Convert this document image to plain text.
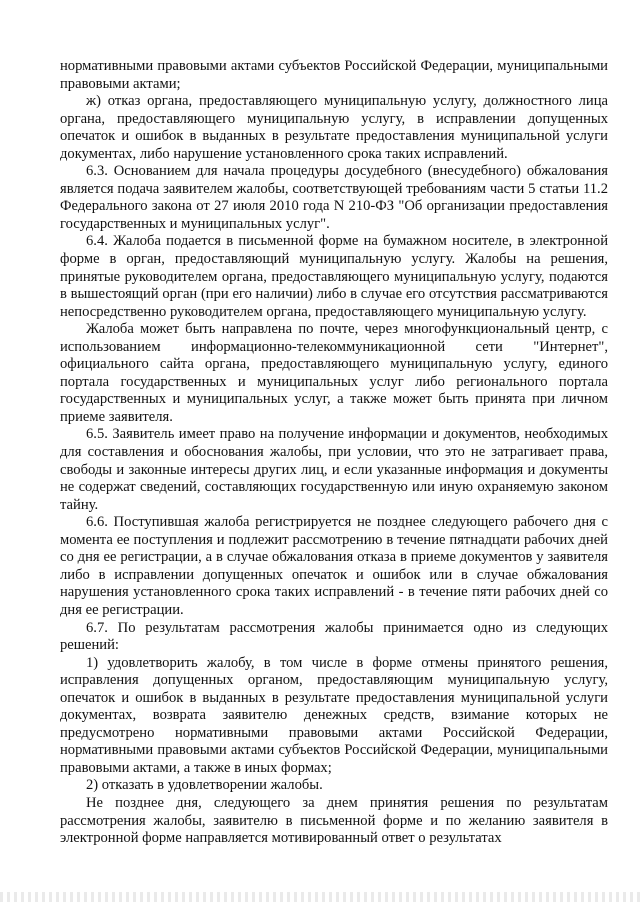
нормативными правовыми актами субъектов Российской Федерации, муниципальными правовыми актами;

ж) отказ органа, предоставляющего муниципальную услугу, должностного лица органа, предоставляющего муниципальную услугу, в исправлении допущенных опечаток и ошибок в выданных в результате предоставления муниципальной услуги документах, либо нарушение установленного срока таких исправлений.

6.3. Основанием для начала процедуры досудебного (внесудебного) обжалования является подача заявителем жалобы, соответствующей требованиям части 5 статьи 11.2 Федерального закона от 27 июля 2010 года N 210-ФЗ "Об организации предоставления государственных и муниципальных услуг".

6.4. Жалоба подается в письменной форме на бумажном носителе, в электронной форме в орган, предоставляющий муниципальную услугу. Жалобы на решения, принятые руководителем органа, предоставляющего муниципальную услугу, подаются в вышестоящий орган (при его наличии) либо в случае его отсутствия рассматриваются непосредственно руководителем органа, предоставляющего муниципальную услугу.

Жалоба может быть направлена по почте, через многофункциональный центр, с использованием информационно-телекоммуникационной сети "Интернет", официального сайта органа, предоставляющего муниципальную услугу, единого портала государственных и муниципальных услуг либо регионального портала государственных и муниципальных услуг, а также может быть принята при личном приеме заявителя.

6.5. Заявитель имеет право на получение информации и документов, необходимых для составления и обоснования жалобы, при условии, что это не затрагивает права, свободы и законные интересы других лиц, и если указанные информация и документы не содержат сведений, составляющих государственную или иную охраняемую законом тайну.

6.6. Поступившая жалоба регистрируется не позднее следующего рабочего дня с момента ее поступления и подлежит рассмотрению в течение пятнадцати рабочих дней со дня ее регистрации, а в случае обжалования отказа в приеме документов у заявителя либо в исправлении допущенных опечаток и ошибок или в случае обжалования нарушения установленного срока таких исправлений - в течение пяти рабочих дней со дня ее регистрации.

6.7. По результатам рассмотрения жалобы принимается одно из следующих решений:

1) удовлетворить жалобу, в том числе в форме отмены принятого решения, исправления допущенных органом, предоставляющим муниципальную услугу, опечаток и ошибок в выданных в результате предоставления муниципальной услуги документах, возврата заявителю денежных средств, взимание которых не предусмотрено нормативными правовыми актами Российской Федерации, нормативными правовыми актами субъектов Российской Федерации, муниципальными правовыми актами, а также в иных формах;

2) отказать в удовлетворении жалобы.

Не позднее дня, следующего за днем принятия решения по результатам рассмотрения жалобы, заявителю в письменной форме и по желанию заявителя в электронной форме направляется мотивированный ответ о результатах
